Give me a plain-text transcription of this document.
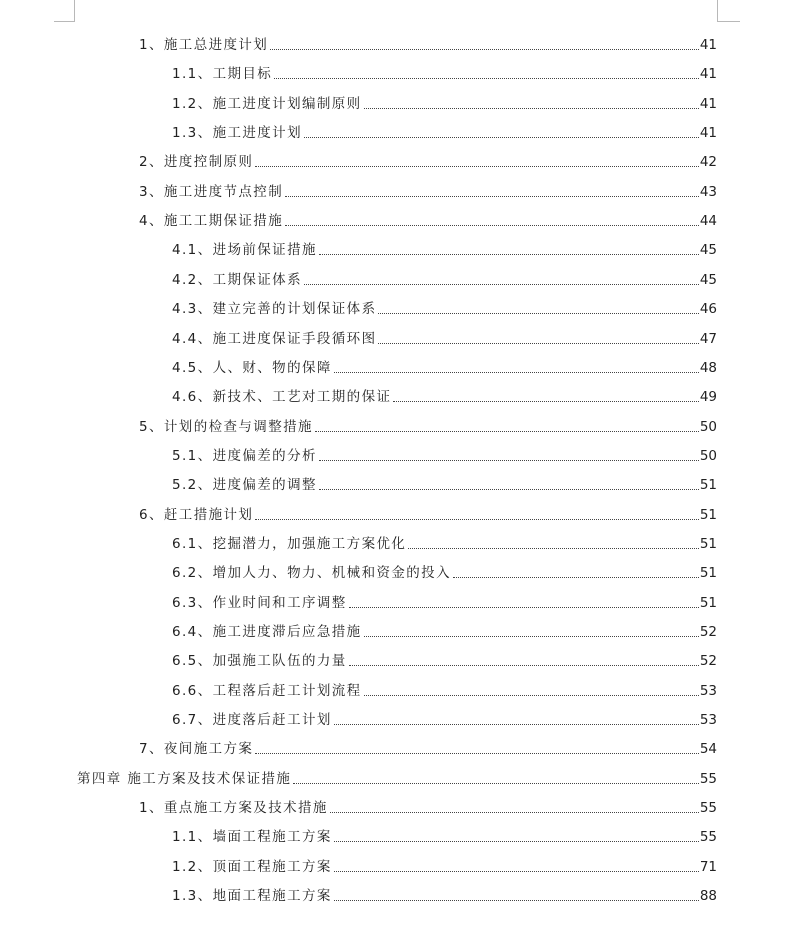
1、施工总进度计划	41
1.1、工期目标	41
1.2、施工进度计划编制原则	41
1.3、施工进度计划	41
2、进度控制原则	42
3、施工进度节点控制	43
4、施工工期保证措施	44
4.1、进场前保证措施	45
4.2、工期保证体系	45
4.3、建立完善的计划保证体系	46
4.4、施工进度保证手段循环图	47
4.5、人、财、物的保障	48
4.6、新技术、工艺对工期的保证	49
5、计划的检查与调整措施	50
5.1、进度偏差的分析	50
5.2、进度偏差的调整	51
6、赶工措施计划	51
6.1、挖掘潜力，加强施工方案优化	51
6.2、增加人力、物力、机械和资金的投入	51
6.3、作业时间和工序调整	51
6.4、施工进度滞后应急措施	52
6.5、加强施工队伍的力量	52
6.6、工程落后赶工计划流程	53
6.7、进度落后赶工计划	53
7、夜间施工方案	54
第四章 施工方案及技术保证措施	55
1、重点施工方案及技术措施	55
1.1、墙面工程施工方案	55
1.2、顶面工程施工方案	71
1.3、地面工程施工方案	88
